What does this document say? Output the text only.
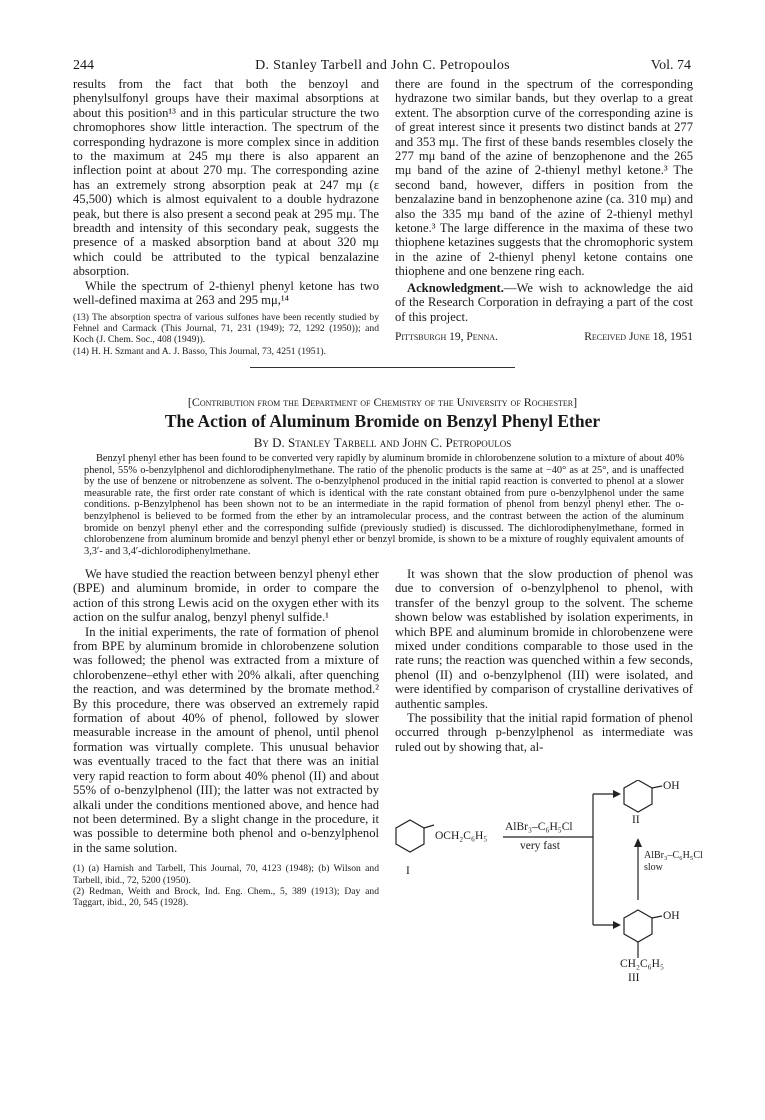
244	D. Stanley Tarbell and John C. Petropoulos	Vol. 74

results from the fact that both the benzoyl and phenylsulfonyl groups have their maximal absorptions at about this position¹³ and in this particular structure the two chromophores show little interaction. The spectrum of the corresponding hydrazone is more complex since in addition to the maximum at 245 mμ there is also apparent an inflection point at about 270 mμ. The corresponding azine has an extremely strong absorption peak at 247 mμ (ε 45,500) which is almost equivalent to a double hydrazone peak, but there is also present a second peak at 295 mμ. The breadth and intensity of this secondary peak, suggests the presence of a masked absorption band at about 320 mμ which could be attributed to the typical benzalazine absorption.

While the spectrum of 2-thienyl phenyl ketone has two well-defined maxima at 263 and 295 mμ,¹⁴

(13) The absorption spectra of various sulfones have been recently studied by Fehnel and Carmack (This Journal, 71, 231 (1949); 72, 1292 (1950)); and Koch (J. Chem. Soc., 408 (1949)).

(14) H. H. Szmant and A. J. Basso, This Journal, 73, 4251 (1951).

there are found in the spectrum of the corresponding hydrazone two similar bands, but they overlap to a great extent. The absorption curve of the corresponding azine is of great interest since it presents two distinct bands at 277 and 353 mμ. The first of these bands resembles closely the 277 mμ band of the azine of benzophenone and the 265 mμ band of the azine of 2-thienyl methyl ketone.³ The second band, however, differs in position from the benzalazine band in benzophenone azine (ca. 310 mμ) and also the 335 mμ band of the azine of 2-thienyl methyl ketone.³ The large difference in the maxima of these two thiophene ketazines suggests that the chromophoric system in the azine of 2-thienyl phenyl ketone contains one thiophene and one benzene ring each.

Acknowledgment.—We wish to acknowledge the aid of the Research Corporation in defraying a part of the cost of this project.

Pittsburgh 19, Penna.	Received June 18, 1951
[Contribution from the Department of Chemistry of the University of Rochester]
The Action of Aluminum Bromide on Benzyl Phenyl Ether
By D. Stanley Tarbell and John C. Petropoulos
Benzyl phenyl ether has been found to be converted very rapidly by aluminum bromide in chlorobenzene solution to a mixture of about 40% phenol, 55% o-benzylphenol and dichlorodiphenylmethane. The ratio of the phenolic products is the same at −40° as at 25°, and is unaffected by the use of benzene or nitrobenzene as solvent. The o-benzylphenol produced in the initial rapid reaction is converted to phenol at a slower measurable rate, the first order rate constant of which is identical with the rate constant obtained from pure o-benzylphenol under the same conditions. p-Benzylphenol has been shown not to be an intermediate in the rapid formation of phenol from benzyl phenyl ether. The o-benzylphenol is believed to be formed from the ether by an intramolecular process, and the contrast between the action of the aluminum bromide on benzyl phenyl ether and the corresponding sulfide (previously studied) is discussed. The dichlorodiphenylmethane, formed in chlorobenzene from aluminum bromide and benzyl phenyl ether or benzyl bromide, is shown to be a mixture of roughly equivalent amounts of 3,3′- and 3,4′-dichlorodiphenylmethane.

We have studied the reaction between benzyl phenyl ether (BPE) and aluminum bromide, in order to compare the action of this strong Lewis acid on the oxygen ether with its action on the sulfur analog, benzyl phenyl sulfide.¹

In the initial experiments, the rate of formation of phenol from BPE by aluminum bromide in chlorobenzene solution was followed; the phenol was extracted from a mixture of chlorobenzene–ethyl ether with 20% alkali, after quenching the reaction, and was determined by the bromate method.² By this procedure, there was observed an extremely rapid formation of about 40% of phenol, followed by slower measurable increase in the amount of phenol, until phenol formation was virtually complete. This unusual behavior was eventually traced to the fact that there was an initial very rapid reaction to form about 40% phenol (II) and about 55% of o-benzylphenol (III); the latter was not extracted by alkali under the conditions mentioned above, and hence had not been determined. By a slight change in the procedure, it was possible to determine both phenol and o-benzylphenol in the same solution.

(1) (a) Harnish and Tarbell, This Journal, 70, 4123 (1948); (b) Wilson and Tarbell, ibid., 72, 5200 (1950).

(2) Redman, Weith and Brock, Ind. Eng. Chem., 5, 389 (1913); Day and Taggart, ibid., 20, 545 (1928).

It was shown that the slow production of phenol was due to conversion of o-benzylphenol to phenol, with transfer of the benzyl group to the solvent. The scheme shown below was established by isolation experiments, in which BPE and aluminum bromide in chlorobenzene were mixed under conditions comparable to those used in the rate runs; the reaction was quenched within a few seconds, phenol (II) and o-benzylphenol (III) were isolated, and were identified by comparison of crystalline derivatives of authentic samples.

The possibility that the initial rapid formation of phenol occurred through p-benzylphenol as intermediate was ruled out by showing that, al-

OCH₂C₆H₅
I
AlBr₃–C₆H₅Cl
very fast
OH
II
AlBr₃–C₆H₅Cl
slow
OH
CH₂C₆H₅
III
